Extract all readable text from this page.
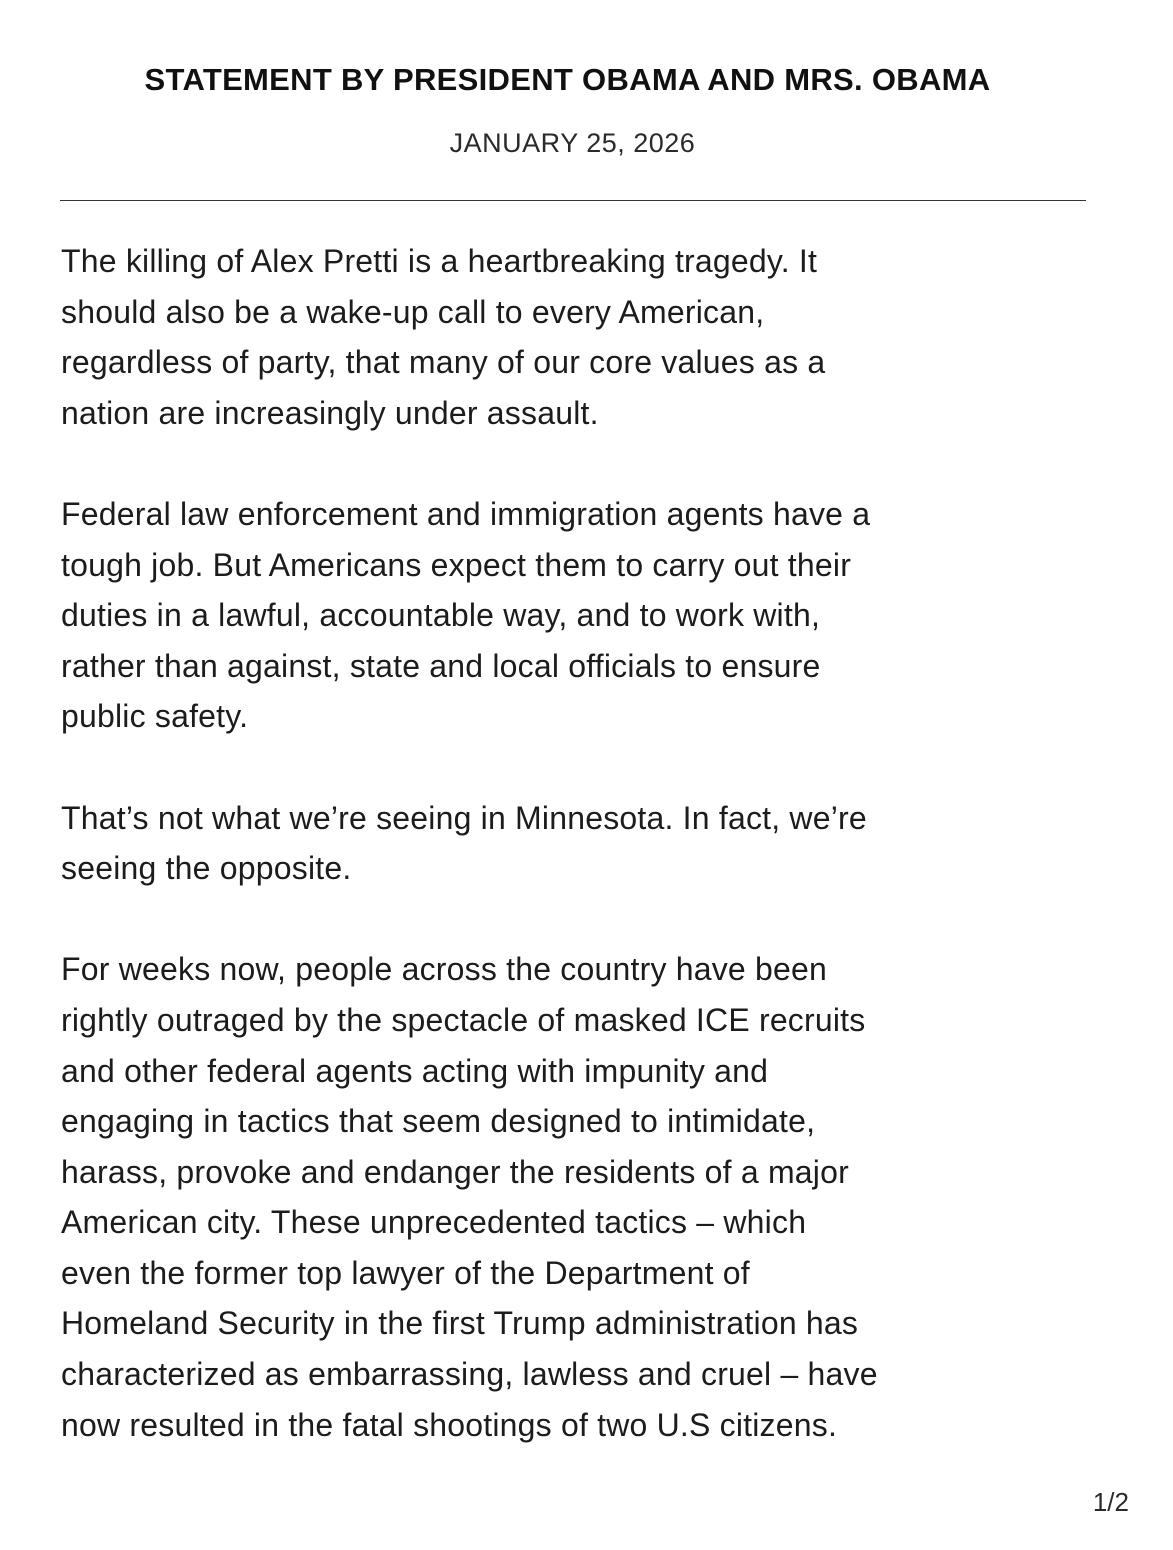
STATEMENT BY PRESIDENT OBAMA AND MRS. OBAMA
JANUARY 25, 2026

The killing of Alex Pretti is a heartbreaking tragedy. It
should also be a wake-up call to every American,
regardless of party, that many of our core values as a
nation are increasingly under assault.

Federal law enforcement and immigration agents have a
tough job. But Americans expect them to carry out their
duties in a lawful, accountable way, and to work with,
rather than against, state and local officials to ensure
public safety.

That’s not what we’re seeing in Minnesota. In fact, we’re
seeing the opposite.

For weeks now, people across the country have been
rightly outraged by the spectacle of masked ICE recruits
and other federal agents acting with impunity and
engaging in tactics that seem designed to intimidate,
harass, provoke and endanger the residents of a major
American city. These unprecedented tactics – which
even the former top lawyer of the Department of
Homeland Security in the first Trump administration has
characterized as embarrassing, lawless and cruel – have
now resulted in the fatal shootings of two U.S citizens.

1/2
